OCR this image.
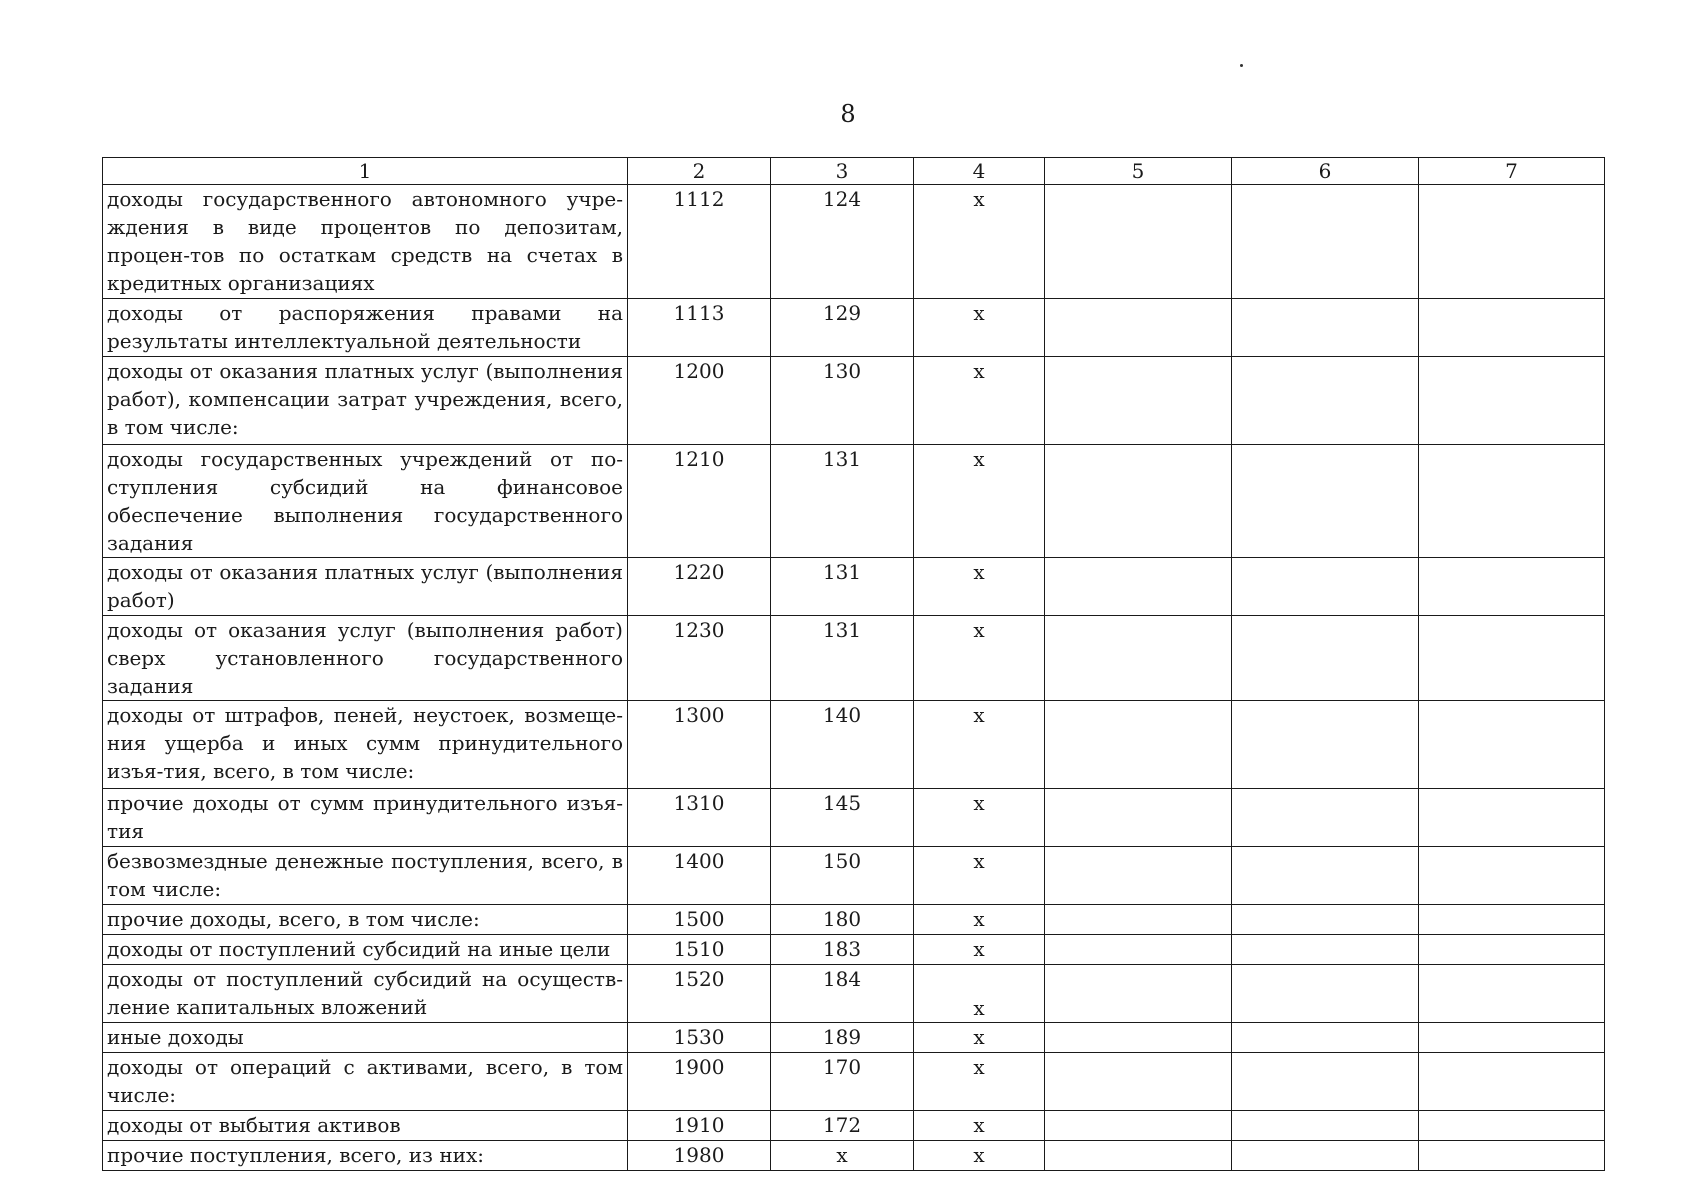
8
1	2	3	4	5	6	7
доходы государственного автономного учре-ждения в виде процентов по депозитам, процен-тов по остаткам средств на счетах в кредитных организациях	1112	124	x			
доходы от распоряжения правами на результаты интеллектуальной деятельности	1113	129	x			
доходы от оказания платных услуг (выполнения работ), компенсации затрат учреждения, всего, в том числе:	1200	130	x			
доходы государственных учреждений от по-ступления субсидий на финансовое обеспечение выполнения государственного задания	1210	131	x			
доходы от оказания платных услуг (выполнения работ)	1220	131	x			
доходы от оказания услуг (выполнения работ) сверх установленного государственного задания	1230	131	x			
доходы от штрафов, пеней, неустоек, возмеще-ния ущерба и иных сумм принудительного изъя-тия, всего, в том числе:	1300	140	x			
прочие доходы от сумм принудительного изъя-тия	1310	145	x			
безвозмездные денежные поступления, всего, в том числе:	1400	150	x			
прочие доходы, всего, в том числе:	1500	180	x			
доходы от поступлений субсидий на иные цели	1510	183	x			
доходы от поступлений субсидий на осуществ-ление капитальных вложений	1520	184	x			
иные доходы	1530	189	x			
доходы от операций с активами, всего, в том числе:	1900	170	x			
доходы от выбытия активов	1910	172	x			
прочие поступления, всего, из них:	1980	x	x			
